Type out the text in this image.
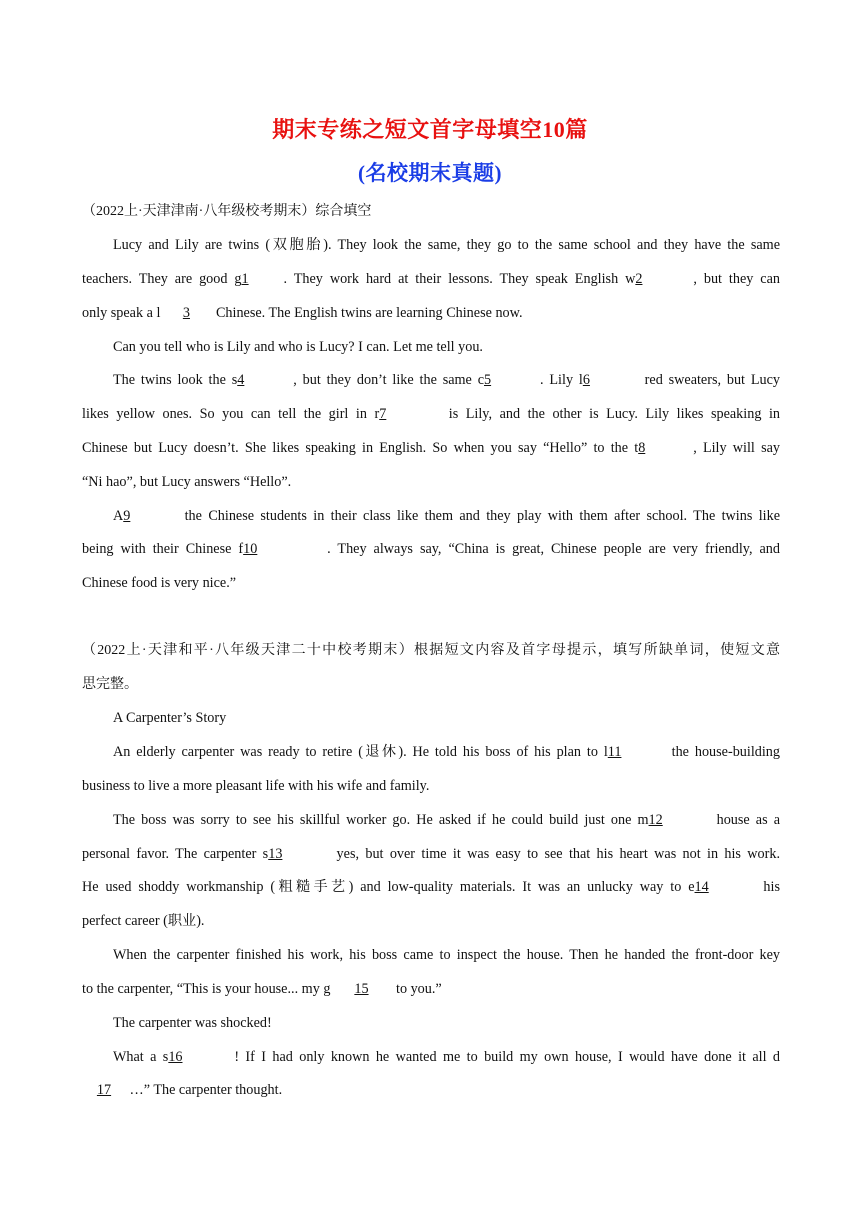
期末专练之短文首字母填空10篇
(名校期末真题)
（2022上·天津津南·八年级校考期末）综合填空
Lucy and Lily are twins (双胞胎). They look the same, they go to the same school and they have the same
teachers. They are good g1 . They work hard at their lessons. They speak English w2	, but they can
only speak a l 3 Chinese. The English twins are learning Chinese now.
Can you tell who is Lily and who is Lucy? I can. Let me tell you.
The twins look the s4	, but they don’t like the same c5	. Lily l6	red sweaters, but Lucy
likes yellow ones. So you can tell the girl in r7	is Lily, and the other is Lucy. Lily likes speaking in
Chinese but Lucy doesn’t. She likes speaking in English. So when you say “Hello” to the t8	, Lily will say
“Ni hao”, but Lucy answers “Hello”.
A9	the Chinese students in their class like them and they play with them after school. The twins like
being with their Chinese f10	. They always say, “China is great, Chinese people are very friendly, and
Chinese food is very nice.”
（2022上·天津和平·八年级天津二十中校考期末）根据短文内容及首字母提示，填写所缺单词，使短文意
思完整。
A Carpenter’s Story
An elderly carpenter was ready to retire (退休). He told his boss of his plan to l11	the house-building
business to live a more pleasant life with his wife and family.
The boss was sorry to see his skillful worker go. He asked if he could build just one m12	house as a
personal favor. The carpenter s13	yes, but over time it was easy to see that his heart was not in his work.
He used shoddy workmanship (粗糙手艺) and low-quality materials. It was an unlucky way to e14	his
perfect career (职业).
When the carpenter finished his work, his boss came to inspect the house. Then he handed the front-door key
to the carpenter, “This is your house... my g 15 to you.”
The carpenter was shocked!
What a s16	! If I had only known he wanted me to build my own house, I would have done it all d
17 …” The carpenter thought.
